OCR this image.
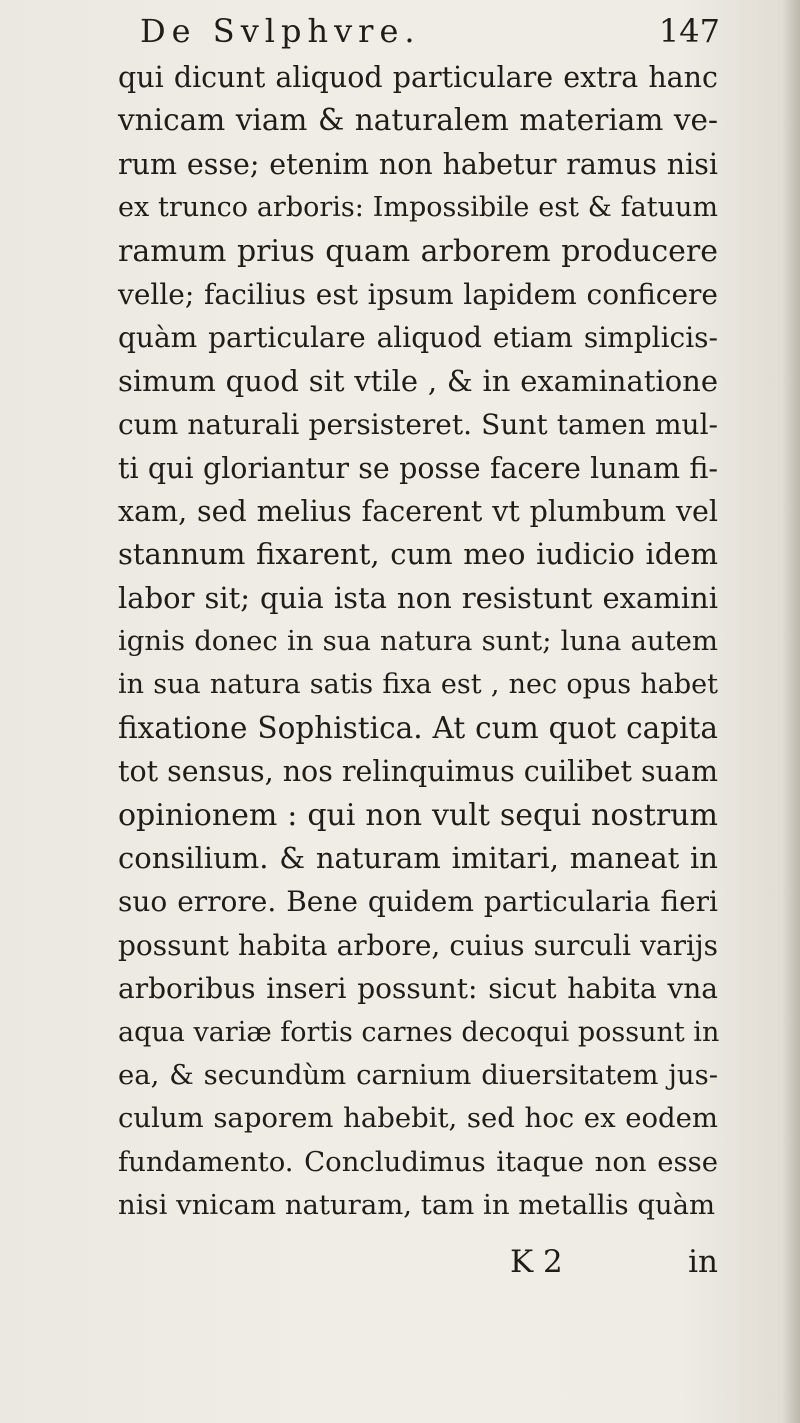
De Svlphvre.	147
qui dicunt aliquod particulare extra hanc
vnicam viam & naturalem materiam ve-
rum esse; etenim non habetur ramus nisi
ex trunco arboris: Impossibile est & fatuum
ramum prius quam arborem producere
velle; facilius est ipsum lapidem conficere
quàm particulare aliquod etiam simplicis-
simum quod sit vtile , & in examinatione
cum naturali persisteret. Sunt tamen mul-
ti qui gloriantur se posse facere lunam fi-
xam, sed melius facerent vt plumbum vel
stannum fixarent, cum meo iudicio idem
labor sit; quia ista non resistunt examini
ignis donec in sua natura sunt; luna autem
in sua natura satis fixa est , nec opus habet
fixatione Sophistica. At cum quot capita
tot sensus, nos relinquimus cuilibet suam
opinionem : qui non vult sequi nostrum
consilium. & naturam imitari, maneat in
suo errore. Bene quidem particularia fieri
possunt habita arbore, cuius surculi varijs
arboribus inseri possunt: sicut habita vna
aqua variæ fortis carnes decoqui possunt in
ea, & secundùm carnium diuersitatem jus-
culum saporem habebit, sed hoc ex eodem
fundamento. Concludimus itaque non esse
nisi vnicam naturam, tam in metallis quàm
K 2	in
